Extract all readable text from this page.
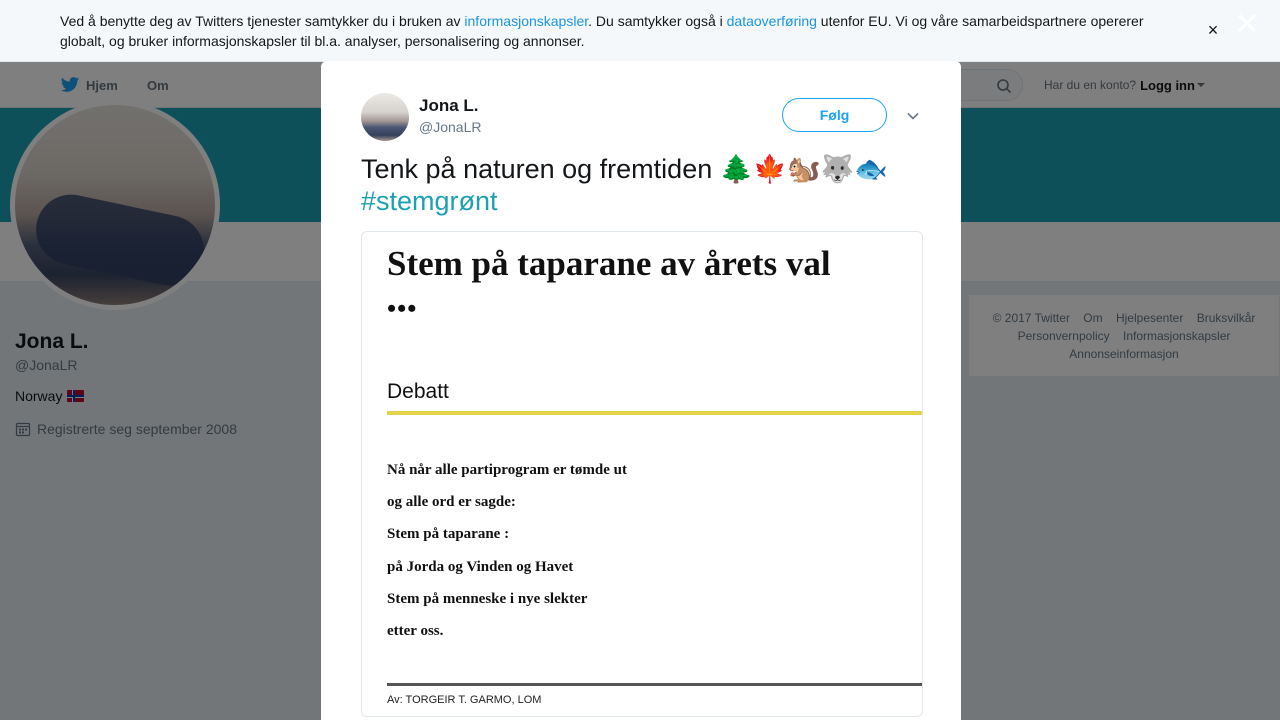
Ved å benytte deg av Twitters tjenester samtykker du i bruken av informasjonskapsler. Du samtykker også i dataoverføring utenfor EU. Vi og våre samarbeidspartnere opererer globalt, og bruker informasjonskapsler til bl.a. analyser, personalisering og annonser.
× ✕
Jona L.
@JonaLR
Følg
Tenk på naturen og fremtiden 🌲🍁🐿️🐺🐟
#stemgrønt
Stem på taparane av årets val
•••
Debatt
Nå når alle partiprogram er tømde ut
og alle ord er sagde:
Stem på taparane :
på Jorda og Vinden og Havet
Stem på menneske i nye slekter
etter oss.
Av: TORGEIR T. GARMO, LOM
